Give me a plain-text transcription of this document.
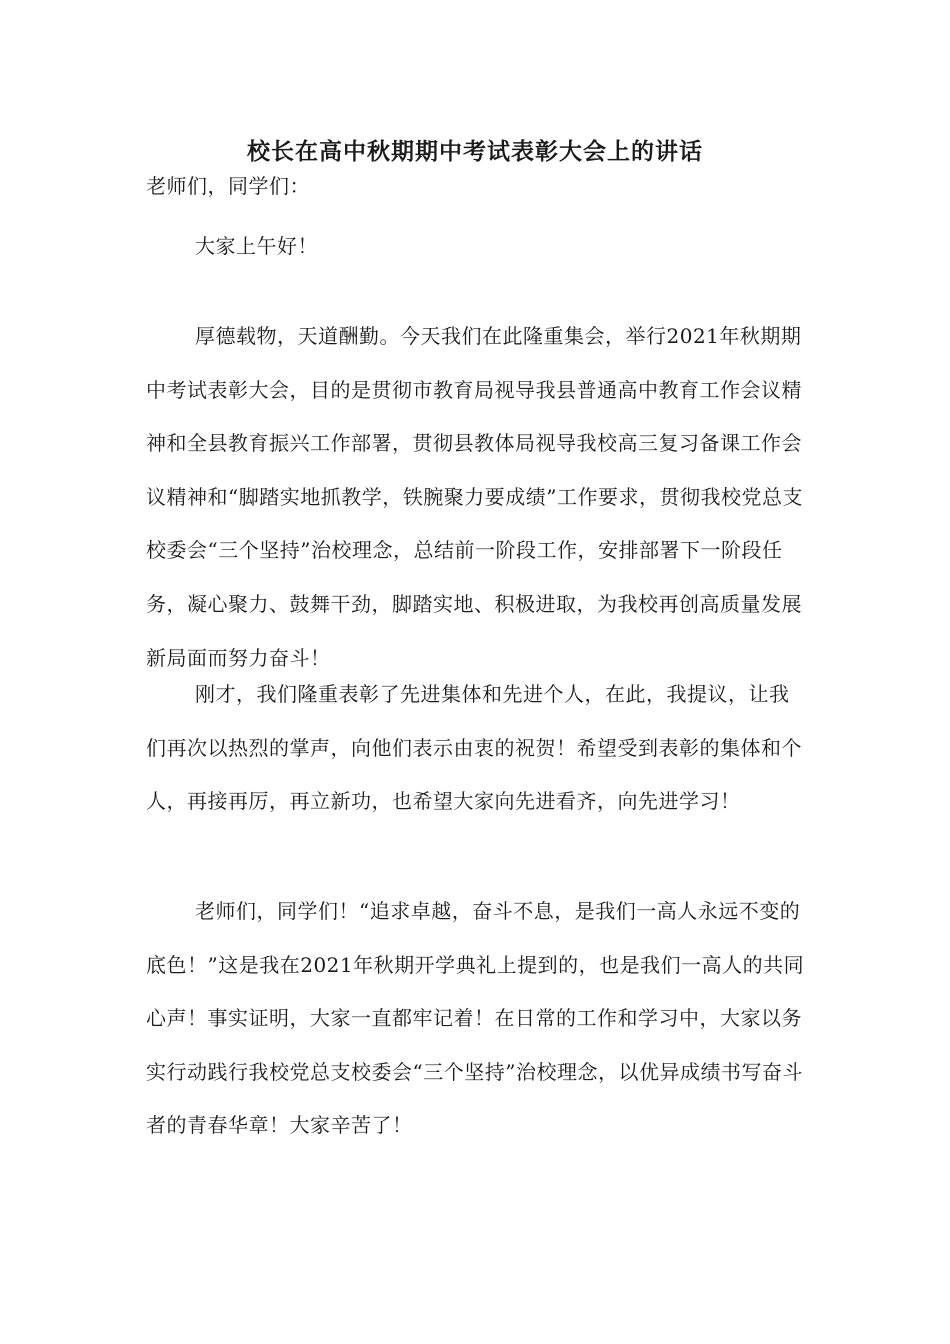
校长在高中秋期期中考试表彰大会上的讲话

老师们，同学们：

大家上午好！

厚德载物，天道酬勤。今天我们在此隆重集会，举行2021年秋期期中考试表彰大会，目的是贯彻市教育局视导我县普通高中教育工作会议精神和全县教育振兴工作部署，贯彻县教体局视导我校高三复习备课工作会议精神和“脚踏实地抓教学，铁腕聚力要成绩”工作要求，贯彻我校党总支校委会“三个坚持”治校理念，总结前一阶段工作，安排部署下一阶段任务，凝心聚力、鼓舞干劲，脚踏实地、积极进取，为我校再创高质量发展新局面而努力奋斗！

刚才，我们隆重表彰了先进集体和先进个人，在此，我提议，让我们再次以热烈的掌声，向他们表示由衷的祝贺！希望受到表彰的集体和个人，再接再厉，再立新功，也希望大家向先进看齐，向先进学习！

老师们，同学们！“追求卓越，奋斗不息，是我们一高人永远不变的底色！”这是我在2021年秋期开学典礼上提到的，也是我们一高人的共同心声！事实证明，大家一直都牢记着！在日常的工作和学习中，大家以务实行动践行我校党总支校委会“三个坚持”治校理念，以优异成绩书写奋斗者的青春华章！大家辛苦了！
